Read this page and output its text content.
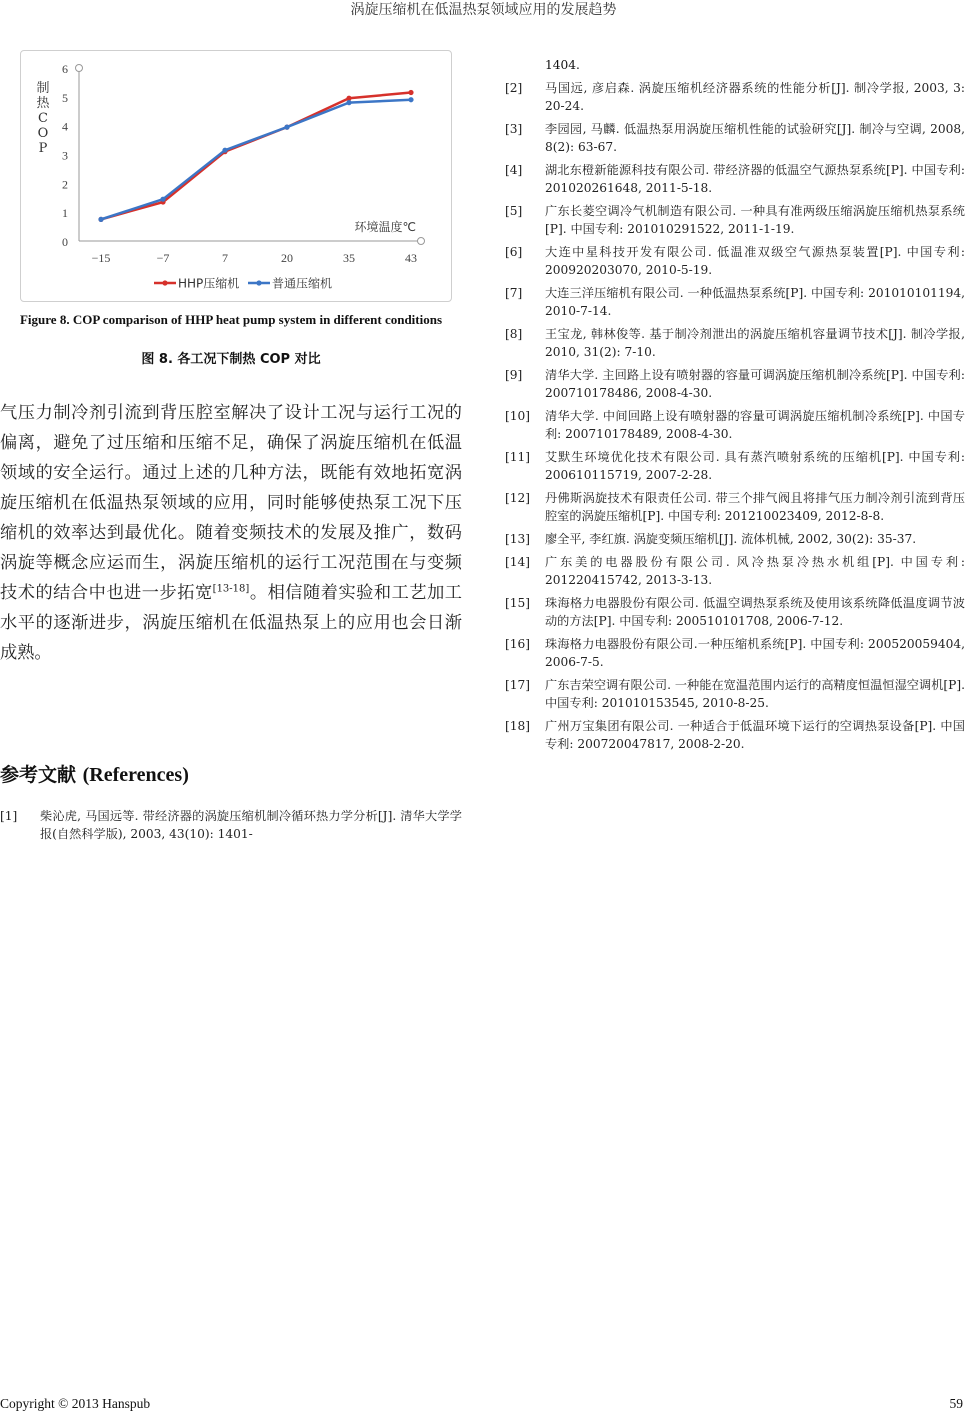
涡旋压缩机在低温热泵领域应用的发展趋势
制热COP
0
1
2
3
4
5
6
−15	−7	7	20	35	43
环境温度℃
HHP压缩机	普通压缩机
Figure 8. COP comparison of HHP heat pump system in different conditions
图 8. 各工况下制热 COP 对比
气压力制冷剂引流到背压腔室解决了设计工况与运行工况的偏离，避免了过压缩和压缩不足，确保了涡旋压缩机在低温领域的安全运行。通过上述的几种方法，既能有效地拓宽涡旋压缩机在低温热泵领域的应用，同时能够使热泵工况下压缩机的效率达到最优化。随着变频技术的发展及推广，数码涡旋等概念应运而生，涡旋压缩机的运行工况范围在与变频技术的结合中也进一步拓宽[13-18]。相信随着实验和工艺加工水平的逐渐进步，涡旋压缩机在低温热泵上的应用也会日渐成熟。
参考文献 (References)
[1]	柴沁虎, 马国远等. 带经济器的涡旋压缩机制冷循环热力学分析[J]. 清华大学学报(自然科学版), 2003, 43(10): 1401-
1404.
[2]	马国远, 彦启森. 涡旋压缩机经济器系统的性能分析[J]. 制冷学报, 2003, 3: 20-24.
[3]	李园园, 马麟. 低温热泵用涡旋压缩机性能的试验研究[J]. 制冷与空调, 2008, 8(2): 63-67.
[4]	湖北东橙新能源科技有限公司. 带经济器的低温空气源热泵系统[P]. 中国专利: 201020261648, 2011-5-18.
[5]	广东长菱空调冷气机制造有限公司. 一种具有准两级压缩涡旋压缩机热泵系统[P]. 中国专利: 201010291522, 2011-1-19.
[6]	大连中星科技开发有限公司. 低温准双级空气源热泵装置[P]. 中国专利: 200920203070, 2010-5-19.
[7]	大连三洋压缩机有限公司. 一种低温热泵系统[P]. 中国专利: 201010101194, 2010-7-14.
[8]	王宝龙, 韩林俊等. 基于制冷剂泄出的涡旋压缩机容量调节技术[J]. 制冷学报, 2010, 31(2): 7-10.
[9]	清华大学. 主回路上设有喷射器的容量可调涡旋压缩机制冷系统[P]. 中国专利: 200710178486, 2008-4-30.
[10]	清华大学. 中间回路上设有喷射器的容量可调涡旋压缩机制冷系统[P]. 中国专利: 200710178489, 2008-4-30.
[11]	艾默生环境优化技术有限公司. 具有蒸汽喷射系统的压缩机[P]. 中国专利: 200610115719, 2007-2-28.
[12]	丹佛斯涡旋技术有限责任公司. 带三个排气阀且将排气压力制冷剂引流到背压腔室的涡旋压缩机[P]. 中国专利: 201210023409, 2012-8-8.
[13]	廖全平, 李红旗. 涡旋变频压缩机[J]. 流体机械, 2002, 30(2): 35-37.
[14]	广东美的电器股份有限公司. 风冷热泵冷热水机组[P]. 中国专利: 201220415742, 2013-3-13.
[15]	珠海格力电器股份有限公司. 低温空调热泵系统及使用该系统降低温度调节波动的方法[P]. 中国专利: 200510101708, 2006-7-12.
[16]	珠海格力电器股份有限公司.一种压缩机系统[P]. 中国专利: 200520059404, 2006-7-5.
[17]	广东吉荣空调有限公司. 一种能在宽温范围内运行的高精度恒温恒湿空调机[P]. 中国专利: 201010153545, 2010-8-25.
[18]	广州万宝集团有限公司. 一种适合于低温环境下运行的空调热泵设备[P]. 中国专利: 200720047817, 2008-2-20.
Copyright © 2013 Hanspub	59
